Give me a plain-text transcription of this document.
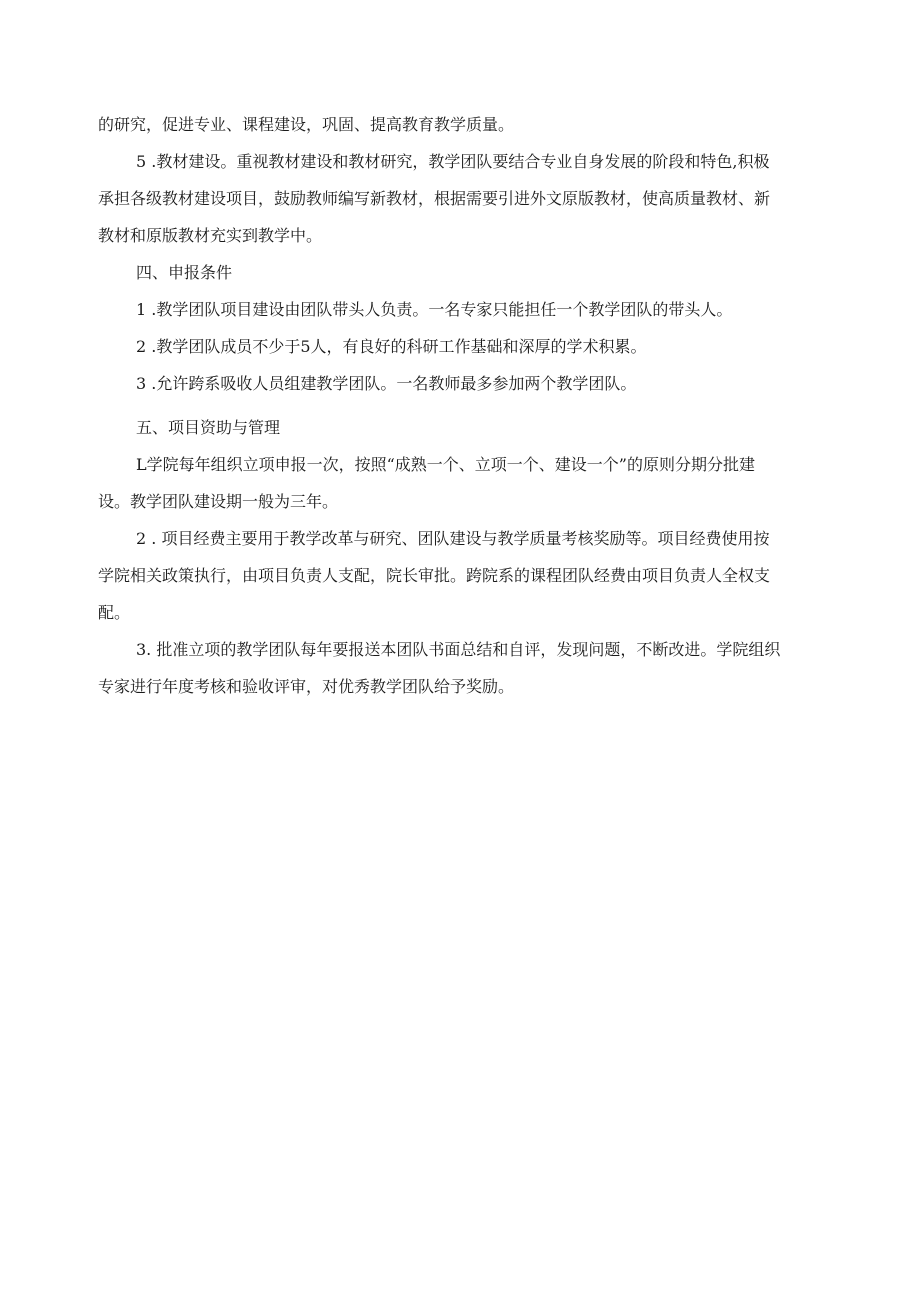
的研究，促进专业、课程建设，巩固、提高教育教学质量。
5 .教材建设。重视教材建设和教材研究，教学团队要结合专业自身发展的阶段和特色,积极
承担各级教材建设项目，鼓励教师编写新教材，根据需要引进外文原版教材，使高质量教材、新
教材和原版教材充实到教学中。
四、申报条件
1 .教学团队项目建设由团队带头人负责。一名专家只能担任一个教学团队的带头人。
2 .教学团队成员不少于5人，有良好的科研工作基础和深厚的学术积累。
3 .允许跨系吸收人员组建教学团队。一名教师最多参加两个教学团队。
五、项目资助与管理
L学院每年组织立项申报一次，按照“成熟一个、立项一个、建设一个”的原则分期分批建
设。教学团队建设期一般为三年。
2 . 项目经费主要用于教学改革与研究、团队建设与教学质量考核奖励等。项目经费使用按
学院相关政策执行，由项目负责人支配，院长审批。跨院系的课程团队经费由项目负责人全权支
配。
3. 批准立项的教学团队每年要报送本团队书面总结和自评，发现问题，不断改进。学院组织
专家进行年度考核和验收评审，对优秀教学团队给予奖励。
